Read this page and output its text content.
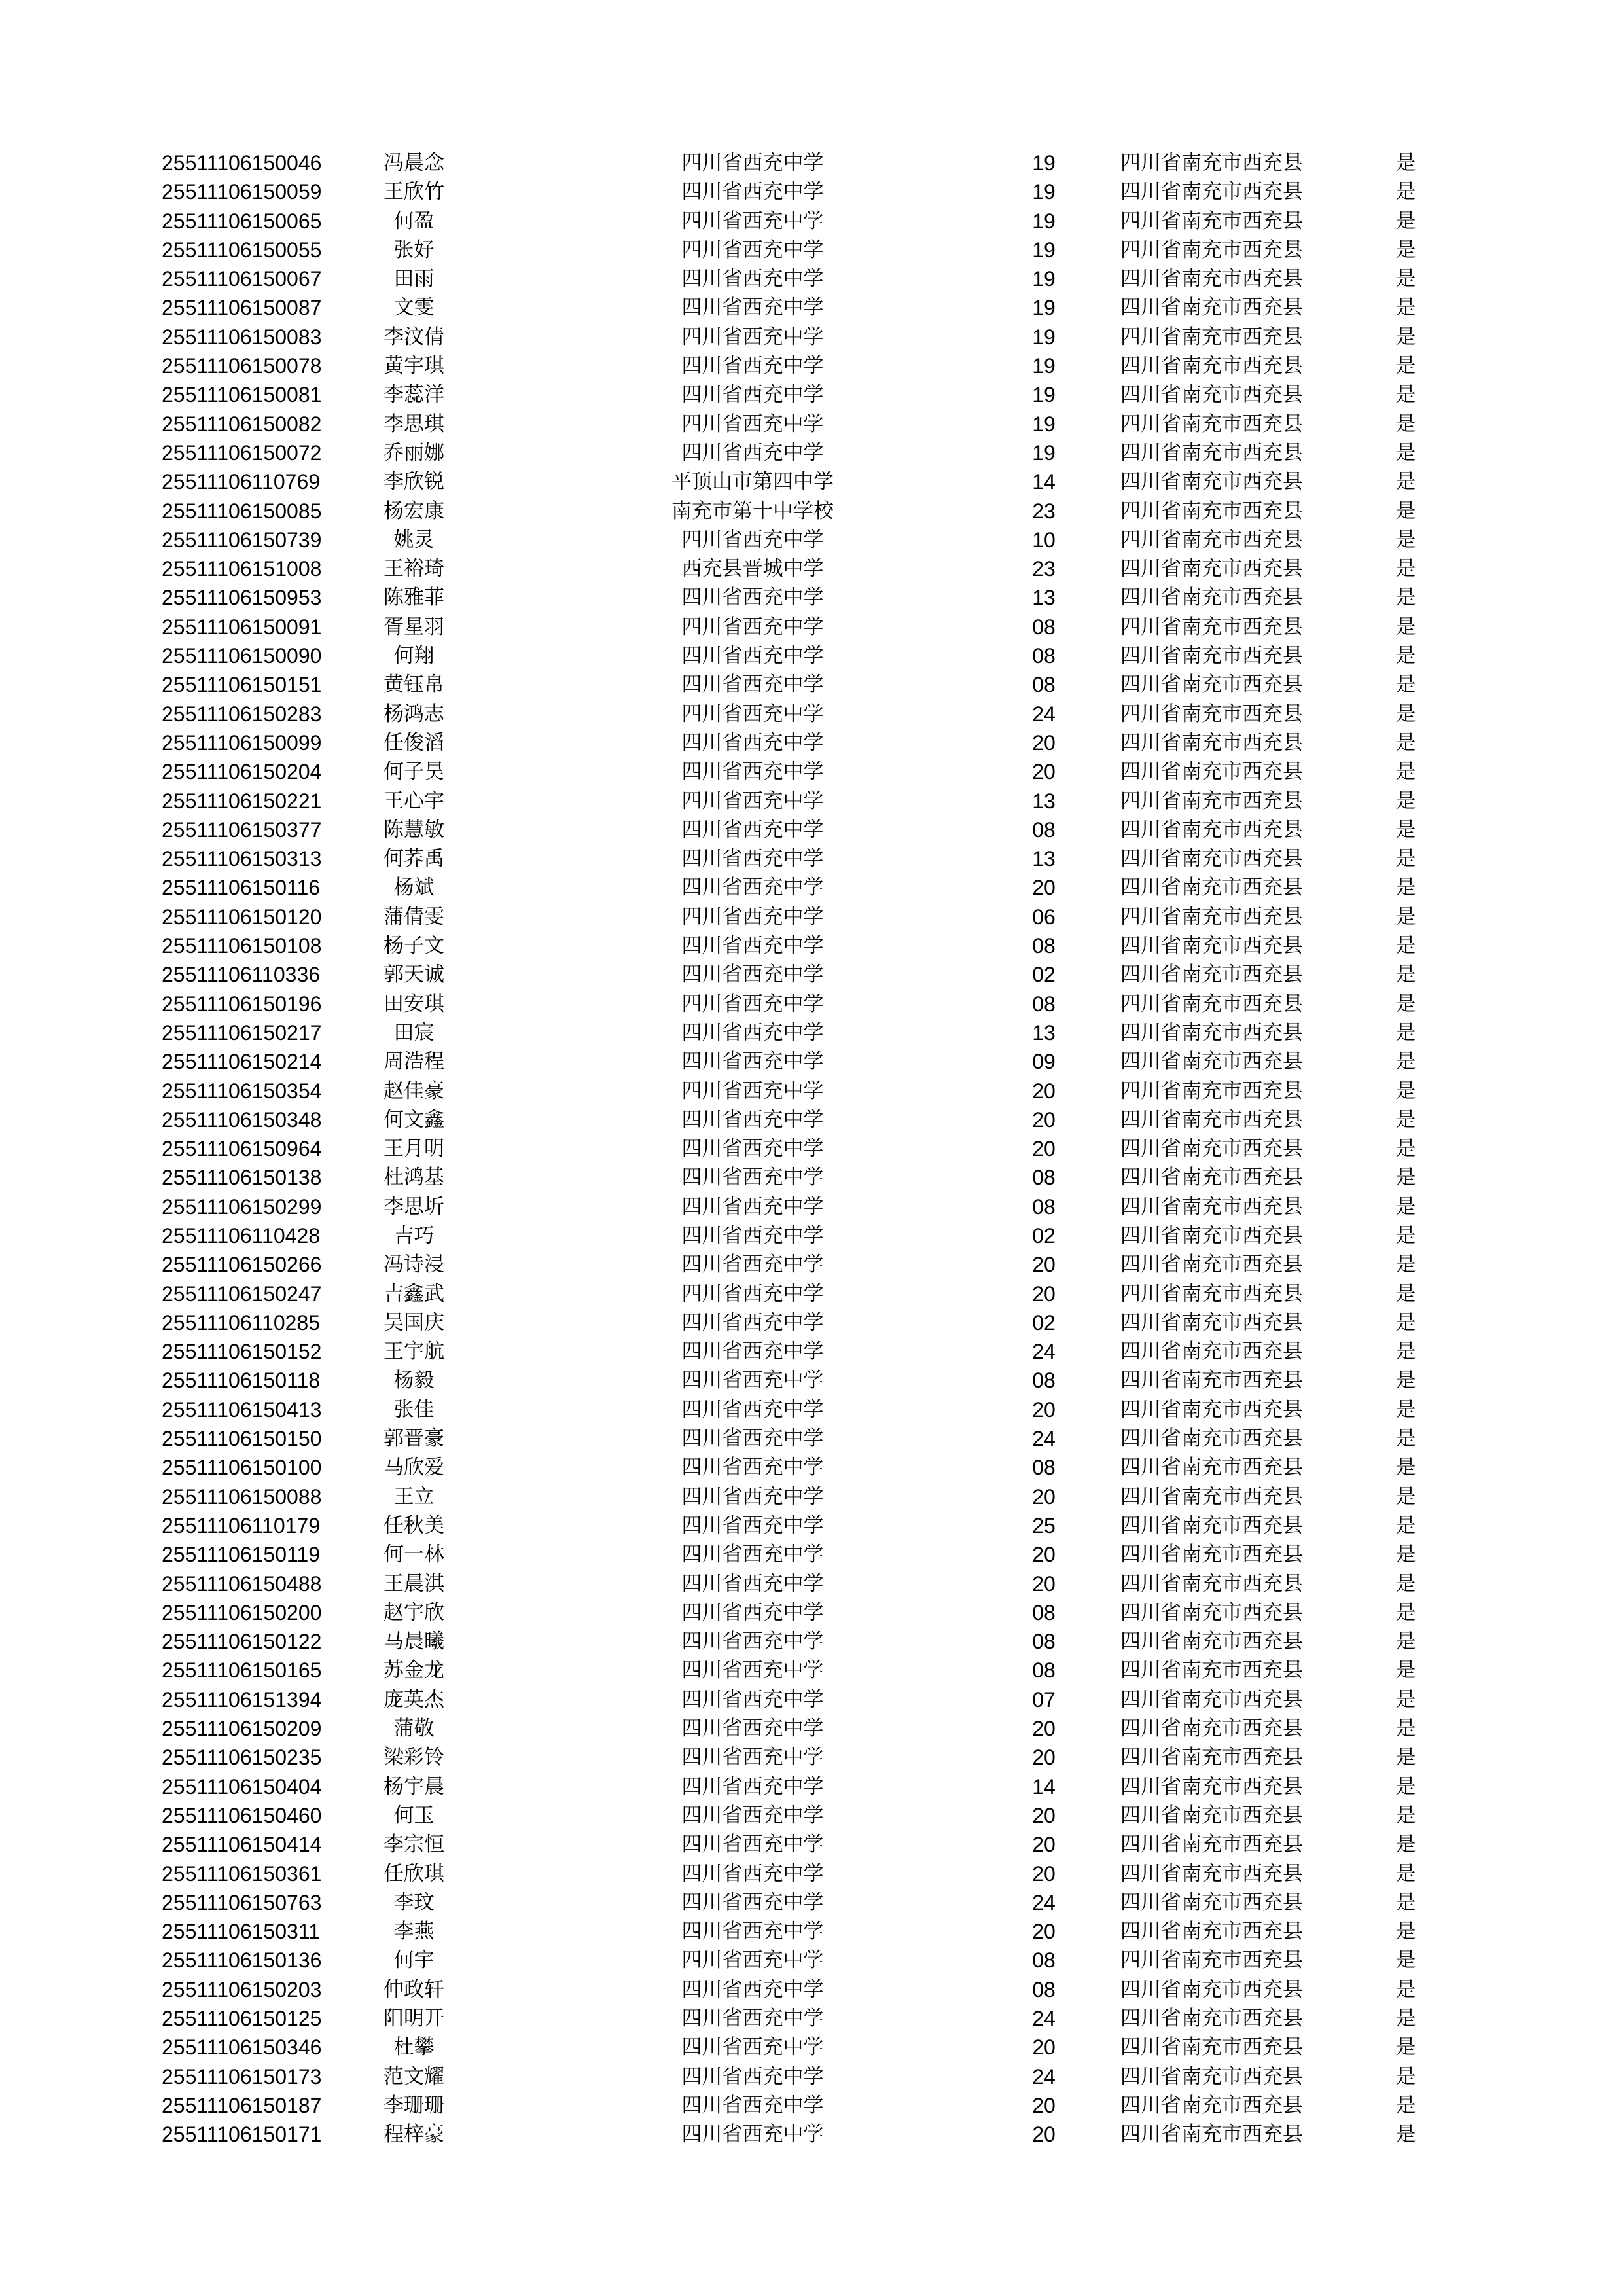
25511106150046	冯晨念	四川省西充中学	19	四川省南充市西充县	是
25511106150059	王欣竹	四川省西充中学	19	四川省南充市西充县	是
25511106150065	何盈	四川省西充中学	19	四川省南充市西充县	是
25511106150055	张好	四川省西充中学	19	四川省南充市西充县	是
25511106150067	田雨	四川省西充中学	19	四川省南充市西充县	是
25511106150087	文雯	四川省西充中学	19	四川省南充市西充县	是
25511106150083	李汶倩	四川省西充中学	19	四川省南充市西充县	是
25511106150078	黄宇琪	四川省西充中学	19	四川省南充市西充县	是
25511106150081	李蕊洋	四川省西充中学	19	四川省南充市西充县	是
25511106150082	李思琪	四川省西充中学	19	四川省南充市西充县	是
25511106150072	乔丽娜	四川省西充中学	19	四川省南充市西充县	是
25511106110769	李欣锐	平顶山市第四中学	14	四川省南充市西充县	是
25511106150085	杨宏康	南充市第十中学校	23	四川省南充市西充县	是
25511106150739	姚灵	四川省西充中学	10	四川省南充市西充县	是
25511106151008	王裕琦	西充县晋城中学	23	四川省南充市西充县	是
25511106150953	陈雅菲	四川省西充中学	13	四川省南充市西充县	是
25511106150091	胥星羽	四川省西充中学	08	四川省南充市西充县	是
25511106150090	何翔	四川省西充中学	08	四川省南充市西充县	是
25511106150151	黄钰帛	四川省西充中学	08	四川省南充市西充县	是
25511106150283	杨鸿志	四川省西充中学	24	四川省南充市西充县	是
25511106150099	任俊滔	四川省西充中学	20	四川省南充市西充县	是
25511106150204	何子昊	四川省西充中学	20	四川省南充市西充县	是
25511106150221	王心宇	四川省西充中学	13	四川省南充市西充县	是
25511106150377	陈慧敏	四川省西充中学	08	四川省南充市西充县	是
25511106150313	何荞禹	四川省西充中学	13	四川省南充市西充县	是
25511106150116	杨斌	四川省西充中学	20	四川省南充市西充县	是
25511106150120	蒲倩雯	四川省西充中学	06	四川省南充市西充县	是
25511106150108	杨子文	四川省西充中学	08	四川省南充市西充县	是
25511106110336	郭天诚	四川省西充中学	02	四川省南充市西充县	是
25511106150196	田安琪	四川省西充中学	08	四川省南充市西充县	是
25511106150217	田宸	四川省西充中学	13	四川省南充市西充县	是
25511106150214	周浩程	四川省西充中学	09	四川省南充市西充县	是
25511106150354	赵佳豪	四川省西充中学	20	四川省南充市西充县	是
25511106150348	何文鑫	四川省西充中学	20	四川省南充市西充县	是
25511106150964	王月明	四川省西充中学	20	四川省南充市西充县	是
25511106150138	杜鸿基	四川省西充中学	08	四川省南充市西充县	是
25511106150299	李思圻	四川省西充中学	08	四川省南充市西充县	是
25511106110428	吉巧	四川省西充中学	02	四川省南充市西充县	是
25511106150266	冯诗浸	四川省西充中学	20	四川省南充市西充县	是
25511106150247	吉鑫武	四川省西充中学	20	四川省南充市西充县	是
25511106110285	吴国庆	四川省西充中学	02	四川省南充市西充县	是
25511106150152	王宇航	四川省西充中学	24	四川省南充市西充县	是
25511106150118	杨毅	四川省西充中学	08	四川省南充市西充县	是
25511106150413	张佳	四川省西充中学	20	四川省南充市西充县	是
25511106150150	郭晋豪	四川省西充中学	24	四川省南充市西充县	是
25511106150100	马欣爱	四川省西充中学	08	四川省南充市西充县	是
25511106150088	王立	四川省西充中学	20	四川省南充市西充县	是
25511106110179	任秋美	四川省西充中学	25	四川省南充市西充县	是
25511106150119	何一林	四川省西充中学	20	四川省南充市西充县	是
25511106150488	王晨淇	四川省西充中学	20	四川省南充市西充县	是
25511106150200	赵宇欣	四川省西充中学	08	四川省南充市西充县	是
25511106150122	马晨曦	四川省西充中学	08	四川省南充市西充县	是
25511106150165	苏金龙	四川省西充中学	08	四川省南充市西充县	是
25511106151394	庞英杰	四川省西充中学	07	四川省南充市西充县	是
25511106150209	蒲敬	四川省西充中学	20	四川省南充市西充县	是
25511106150235	梁彩铃	四川省西充中学	20	四川省南充市西充县	是
25511106150404	杨宇晨	四川省西充中学	14	四川省南充市西充县	是
25511106150460	何玉	四川省西充中学	20	四川省南充市西充县	是
25511106150414	李宗恒	四川省西充中学	20	四川省南充市西充县	是
25511106150361	任欣琪	四川省西充中学	20	四川省南充市西充县	是
25511106150763	李玟	四川省西充中学	24	四川省南充市西充县	是
25511106150311	李燕	四川省西充中学	20	四川省南充市西充县	是
25511106150136	何宇	四川省西充中学	08	四川省南充市西充县	是
25511106150203	仲政轩	四川省西充中学	08	四川省南充市西充县	是
25511106150125	阳明开	四川省西充中学	24	四川省南充市西充县	是
25511106150346	杜攀	四川省西充中学	20	四川省南充市西充县	是
25511106150173	范文耀	四川省西充中学	24	四川省南充市西充县	是
25511106150187	李珊珊	四川省西充中学	20	四川省南充市西充县	是
25511106150171	程梓豪	四川省西充中学	20	四川省南充市西充县	是
